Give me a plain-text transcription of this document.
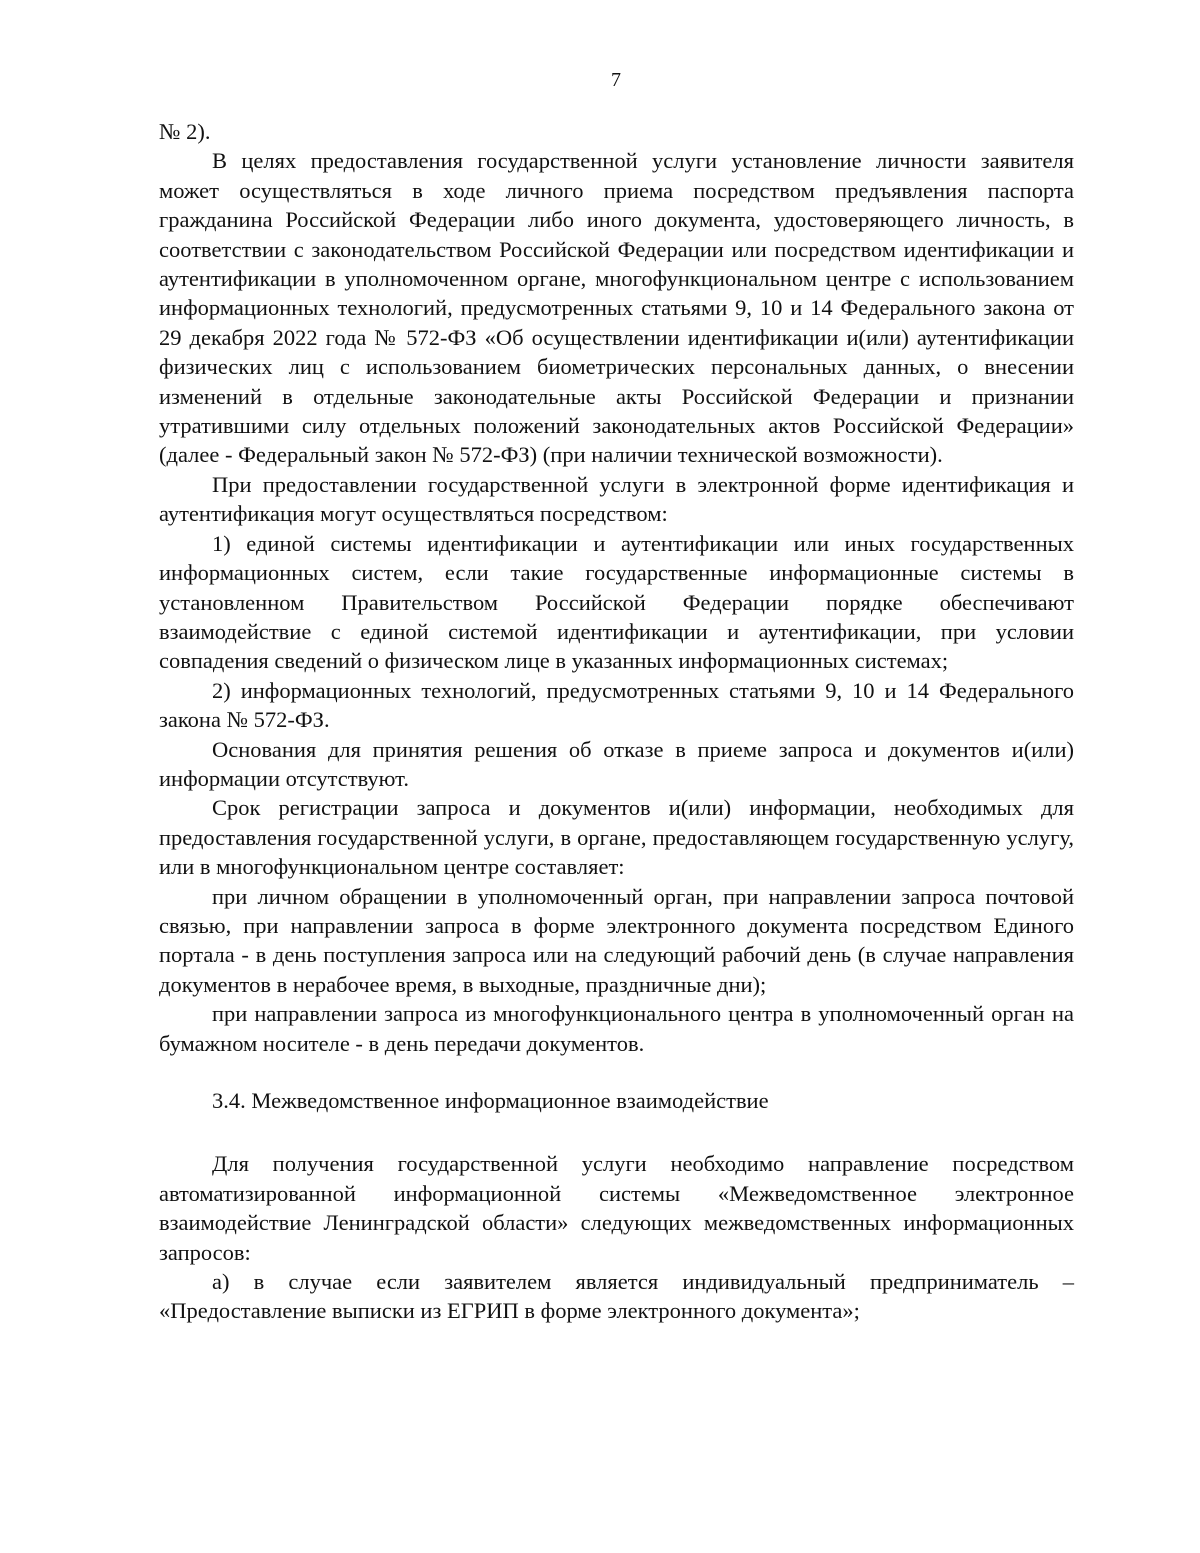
7

№ 2).

В целях предоставления государственной услуги установление личности заявителя может осуществляться в ходе личного приема посредством предъявления паспорта гражданина Российской Федерации либо иного документа, удостоверяющего личность, в соответствии с законодательством Российской Федерации или посредством идентификации и аутентификации в уполномоченном органе, многофункциональном центре с использованием информационных технологий, предусмотренных статьями 9, 10 и 14 Федерального закона от 29 декабря 2022 года № 572-ФЗ «Об осуществлении идентификации и(или) аутентификации физических лиц с использованием биометрических персональных данных, о внесении изменений в отдельные законодательные акты Российской Федерации и признании утратившими силу отдельных положений законодательных актов Российской Федерации» (далее - Федеральный закон № 572-ФЗ) (при наличии технической возможности).

При предоставлении государственной услуги в электронной форме идентификация и аутентификация могут осуществляться посредством:

1) единой системы идентификации и аутентификации или иных государственных информационных систем, если такие государственные информационные системы в установленном Правительством Российской Федерации порядке обеспечивают взаимодействие с единой системой идентификации и аутентификации, при условии совпадения сведений о физическом лице в указанных информационных системах;

2) информационных технологий, предусмотренных статьями 9, 10 и 14 Федерального закона № 572-ФЗ.

Основания для принятия решения об отказе в приеме запроса и документов и(или) информации отсутствуют.

Срок регистрации запроса и документов и(или) информации, необходимых для предоставления государственной услуги, в органе, предоставляющем государственную услугу, или в многофункциональном центре составляет:

при личном обращении в уполномоченный орган, при направлении запроса почтовой связью, при направлении запроса в форме электронного документа посредством Единого портала - в день поступления запроса или на следующий рабочий день (в случае направления документов в нерабочее время, в выходные, праздничные дни);

при направлении запроса из многофункционального центра в уполномоченный орган на бумажном носителе - в день передачи документов.

3.4. Межведомственное информационное взаимодействие

Для получения государственной услуги необходимо направление посредством автоматизированной информационной системы «Межведомственное электронное взаимодействие Ленинградской области» следующих межведомственных информационных запросов:

а) в случае если заявителем является индивидуальный предприниматель – «Предоставление выписки из ЕГРИП в форме электронного документа»;
